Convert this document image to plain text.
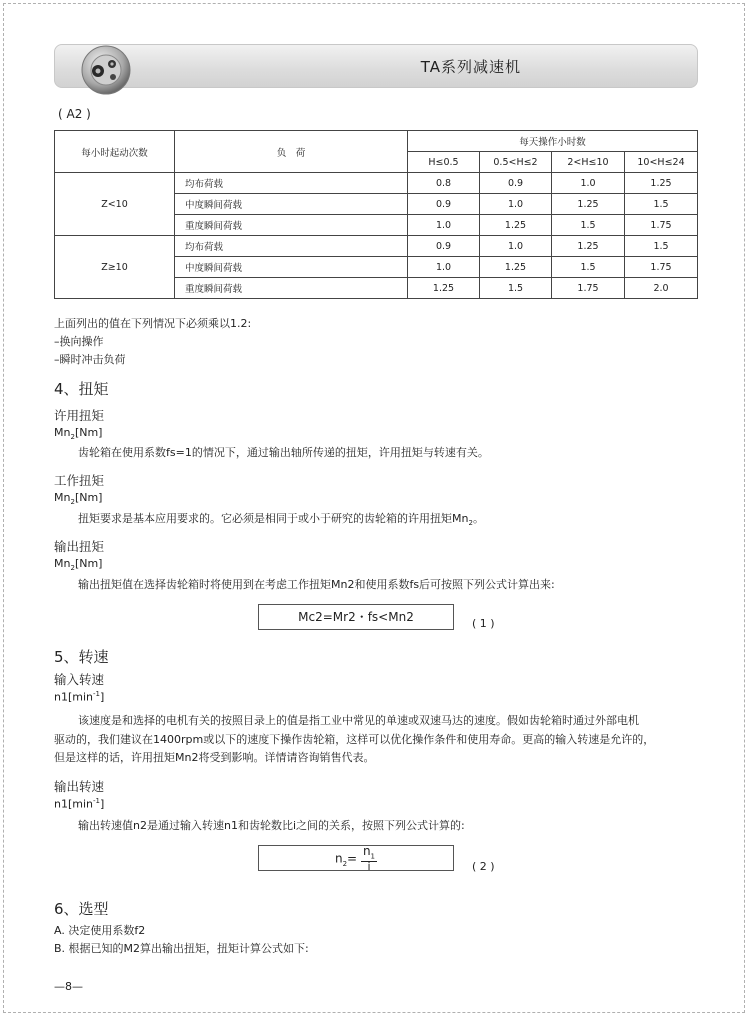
TA系列减速机
( A2 )
每小时起动次数	负　荷	每天操作小时数			
		H≤0.5	0.5<H≤2	2<H≤10	10<H≤24
Z<10	均布荷载	0.8	0.9	1.0	1.25
	中度瞬间荷载	0.9	1.0	1.25	1.5
	重度瞬间荷载	1.0	1.25	1.5	1.75
Z≥10	均布荷载	0.9	1.0	1.25	1.5
	中度瞬间荷载	1.0	1.25	1.5	1.75
	重度瞬间荷载	1.25	1.5	1.75	2.0
上面列出的值在下列情况下必须乘以1.2:
–换向操作
–瞬时冲击负荷
4、扭矩
许用扭矩
$Mn_2[Nm]$
齿轮箱在使用系数fs=1的情况下，通过输出轴所传递的扭矩，许用扭矩与转速有关。
工作扭矩
$Mn_2[Nm]$
扭矩要求是基本应用要求的。它必须是相同于或小于研究的齿轮箱的许用扭矩$Mn_2$。
输出扭矩
$Mn_2[Nm]$
输出扭矩值在选择齿轮箱时将使用到在考虑工作扭矩Mn2和使用系数fs后可按照下列公式计算出来:
Mc2=Mr2・fs<Mn2	( 1 )
5、转速
输入转速
$n1[\min^{-1}]$
该速度是和选择的电机有关的按照目录上的值是指工业中常见的单速或双速马达的速度。假如齿轮箱时通过外部电机
驱动的，我们建议在1400rpm或以下的速度下操作齿轮箱，这样可以优化操作条件和使用寿命。更高的输入转速是允许的，
但是这样的话，许用扭矩Mn2将受到影响。详情请咨询销售代表。
输出转速
$n1[\min^{-1}]$
输出转速值n2是通过输入转速n1和齿轮数比i之间的关系，按照下列公式计算的:
$n_2= \frac{n_1}{i}$	( 2 )
6、选型
A. 决定使用系数f2
B. 根据已知的M2算出输出扭矩，扭矩计算公式如下:
—8—
